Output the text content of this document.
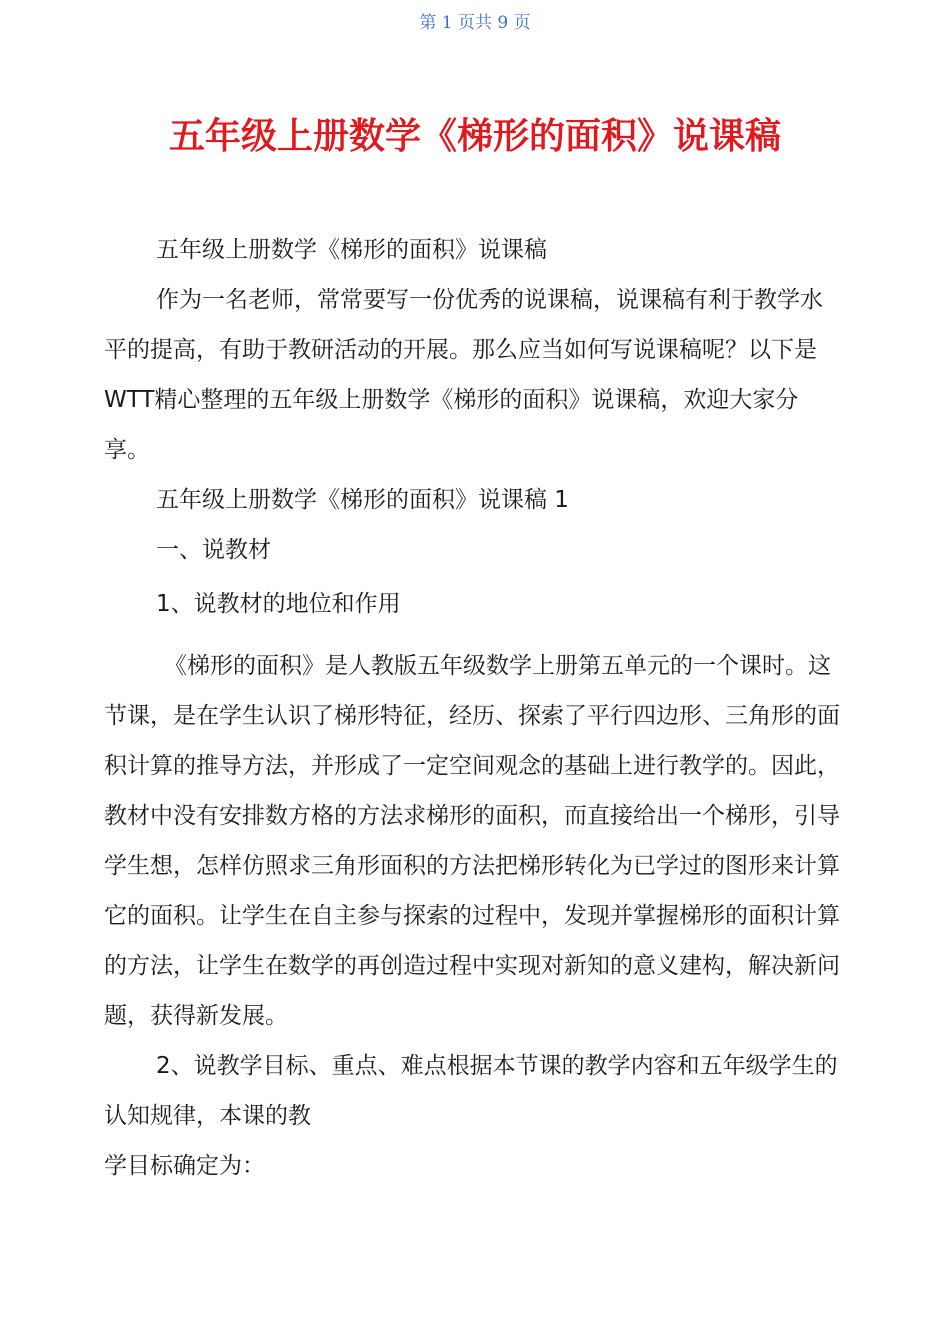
第 1 页共 9 页
五年级上册数学《梯形的面积》说课稿

五年级上册数学《梯形的面积》说课稿

作为一名老师，常常要写一份优秀的说课稿，说课稿有利于教学水平的提高，有助于教研活动的开展。那么应当如何写说课稿呢？以下是WTT精心整理的五年级上册数学《梯形的面积》说课稿，欢迎大家分享。

五年级上册数学《梯形的面积》说课稿 1

一、说教材

1、说教材的地位和作用

《梯形的面积》是人教版五年级数学上册第五单元的一个课时。这节课，是在学生认识了梯形特征，经历、探索了平行四边形、三角形的面积计算的推导方法，并形成了一定空间观念的基础上进行教学的。因此，教材中没有安排数方格的方法求梯形的面积，而直接给出一个梯形，引导学生想，怎样仿照求三角形面积的方法把梯形转化为已学过的图形来计算它的面积。让学生在自主参与探索的过程中，发现并掌握梯形的面积计算的方法，让学生在数学的再创造过程中实现对新知的意义建构，解决新问题，获得新发展。

2、说教学目标、重点、难点根据本节课的教学内容和五年级学生的认知规律，本课的教

学目标确定为：
